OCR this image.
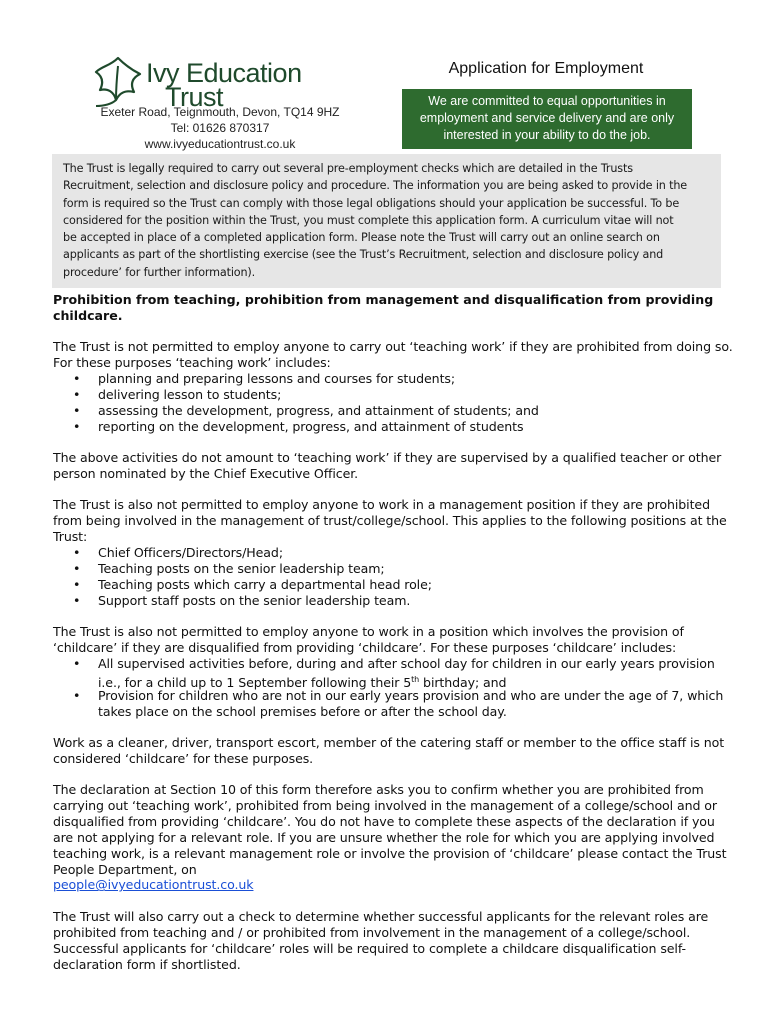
Ivy Education
Trust
Exeter Road, Teignmouth, Devon, TQ14 9HZ
Tel: 01626 870317
www.ivyeducationtrust.co.uk
Application for Employment
We are committed to equal opportunities in employment and service delivery and are only interested in your ability to do the job.
The Trust is legally required to carry out several pre-employment checks which are detailed in the Trusts
Recruitment, selection and disclosure policy and procedure. The information you are being asked to provide in the
form is required so the Trust can comply with those legal obligations should your application be successful. To be
considered for the position within the Trust, you must complete this application form. A curriculum vitae will not
be accepted in place of a completed application form. Please note the Trust will carry out an online search on
applicants as part of the shortlisting exercise (see the Trust’s Recruitment, selection and disclosure policy and
procedure’ for further information).
Prohibition from teaching, prohibition from management and disqualification from providing childcare.
The Trust is not permitted to employ anyone to carry out ‘teaching work’ if they are prohibited from doing so. For these purposes ‘teaching work’ includes:
• planning and preparing lessons and courses for students;
• delivering lesson to students;
• assessing the development, progress, and attainment of students; and
• reporting on the development, progress, and attainment of students
The above activities do not amount to ‘teaching work’ if they are supervised by a qualified teacher or other person nominated by the Chief Executive Officer.
The Trust is also not permitted to employ anyone to work in a management position if they are prohibited from being involved in the management of trust/college/school. This applies to the following positions at the Trust:
• Chief Officers/Directors/Head;
• Teaching posts on the senior leadership team;
• Teaching posts which carry a departmental head role;
• Support staff posts on the senior leadership team.
The Trust is also not permitted to employ anyone to work in a position which involves the provision of ‘childcare’ if they are disqualified from providing ‘childcare’. For these purposes ‘childcare’ includes:
• All supervised activities before, during and after school day for children in our early years provision i.e., for a child up to 1 September following their 5th birthday; and
• Provision for children who are not in our early years provision and who are under the age of 7, which takes place on the school premises before or after the school day.
Work as a cleaner, driver, transport escort, member of the catering staff or member to the office staff is not considered ‘childcare’ for these purposes.
The declaration at Section 10 of this form therefore asks you to confirm whether you are prohibited from carrying out ‘teaching work’, prohibited from being involved in the management of a college/school and or disqualified from providing ‘childcare’. You do not have to complete these aspects of the declaration if you are not applying for a relevant role. If you are unsure whether the role for which you are applying involved teaching work, is a relevant management role or involve the provision of ‘childcare’ please contact the Trust People Department, on
people@ivyeducationtrust.co.uk
The Trust will also carry out a check to determine whether successful applicants for the relevant roles are prohibited from teaching and / or prohibited from involvement in the management of a college/school. Successful applicants for ‘childcare’ roles will be required to complete a childcare disqualification self-declaration form if shortlisted.
